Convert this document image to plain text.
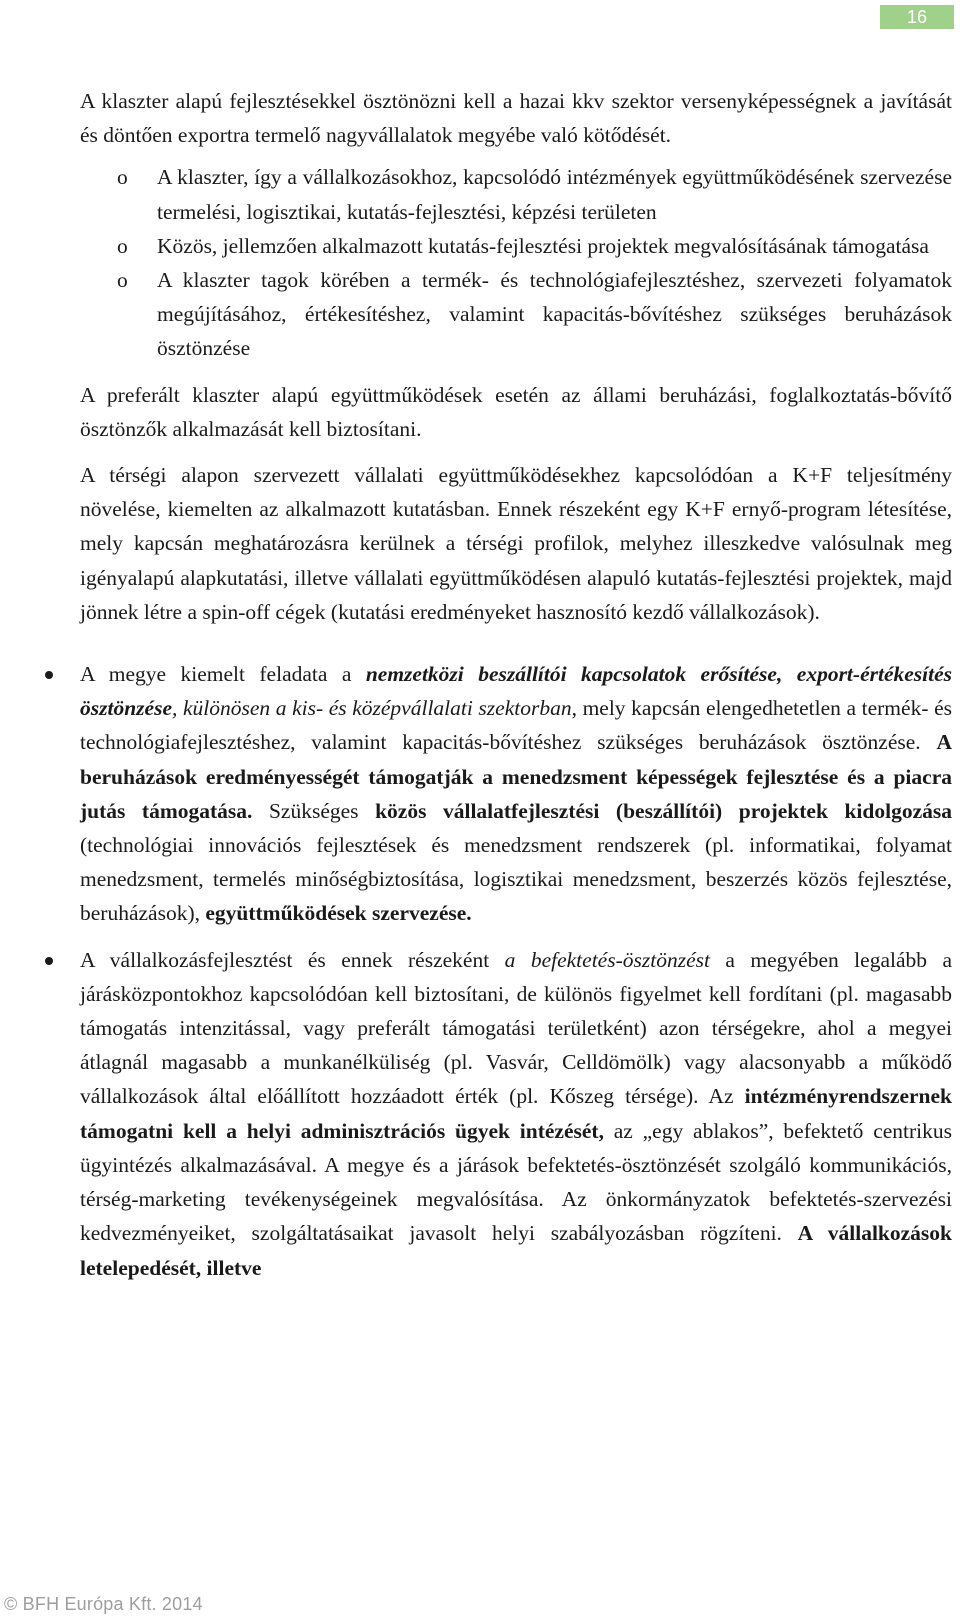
16

A klaszter alapú fejlesztésekkel ösztönözni kell a hazai kkv szektor versenyképességnek a javítását és döntően exportra termelő nagyvállalatok megyébe való kötődését.

o A klaszter, így a vállalkozásokhoz, kapcsolódó intézmények együttműködésének szervezése termelési, logisztikai, kutatás-fejlesztési, képzési területen
o Közös, jellemzően alkalmazott kutatás-fejlesztési projektek megvalósításának támogatása
o A klaszter tagok körében a termék- és technológiafejlesztéshez, szervezeti folyamatok megújításához, értékesítéshez, valamint kapacitás-bővítéshez szükséges beruházások ösztönzése

A preferált klaszter alapú együttműködések esetén az állami beruházási, foglalkoztatás-bővítő ösztönzők alkalmazását kell biztosítani.

A térségi alapon szervezett vállalati együttműködésekhez kapcsolódóan a K+F teljesítmény növelése, kiemelten az alkalmazott kutatásban. Ennek részeként egy K+F ernyő-program létesítése, mely kapcsán meghatározásra kerülnek a térségi profilok, melyhez illeszkedve valósulnak meg igényalapú alapkutatási, illetve vállalati együttműködésen alapuló kutatás-fejlesztési projektek, majd jönnek létre a spin-off cégek (kutatási eredményeket hasznosító kezdő vállalkozások).

A megye kiemelt feladata a nemzetközi beszállítói kapcsolatok erősítése, export-értékesítés ösztönzése, különösen a kis- és középvállalati szektorban, mely kapcsán elengedhetetlen a termék- és technológiafejlesztéshez, valamint kapacitás-bővítéshez szükséges beruházások ösztönzése. A beruházások eredményességét támogatják a menedzsment képességek fejlesztése és a piacra jutás támogatása. Szükséges közös vállalatfejlesztési (beszállítói) projektek kidolgozása (technológiai innovációs fejlesztések és menedzsment rendszerek (pl. informatikai, folyamat menedzsment, termelés minőségbiztosítása, logisztikai menedzsment, beszerzés közös fejlesztése, beruházások), együttműködések szervezése.
A vállalkozásfejlesztést és ennek részeként a befektetés-ösztönzést a megyében legalább a járásközpontokhoz kapcsolódóan kell biztosítani, de különös figyelmet kell fordítani (pl. magasabb támogatás intenzitással, vagy preferált támogatási területként) azon térségekre, ahol a megyei átlagnál magasabb a munkanélküliség (pl. Vasvár, Celldömölk) vagy alacsonyabb a működő vállalkozások által előállított hozzáadott érték (pl. Kőszeg térsége). Az intézményrendszernek támogatni kell a helyi adminisztrációs ügyek intézését, az „egy ablakos”, befektető centrikus ügyintézés alkalmazásával. A megye és a járások befektetés-ösztönzését szolgáló kommunikációs, térség-marketing tevékenységeinek megvalósítása. Az önkormányzatok befektetés-szervezési kedvezményeiket, szolgáltatásaikat javasolt helyi szabályozásban rögzíteni. A vállalkozások letelepedését, illetve
© BFH Európa Kft. 2014
